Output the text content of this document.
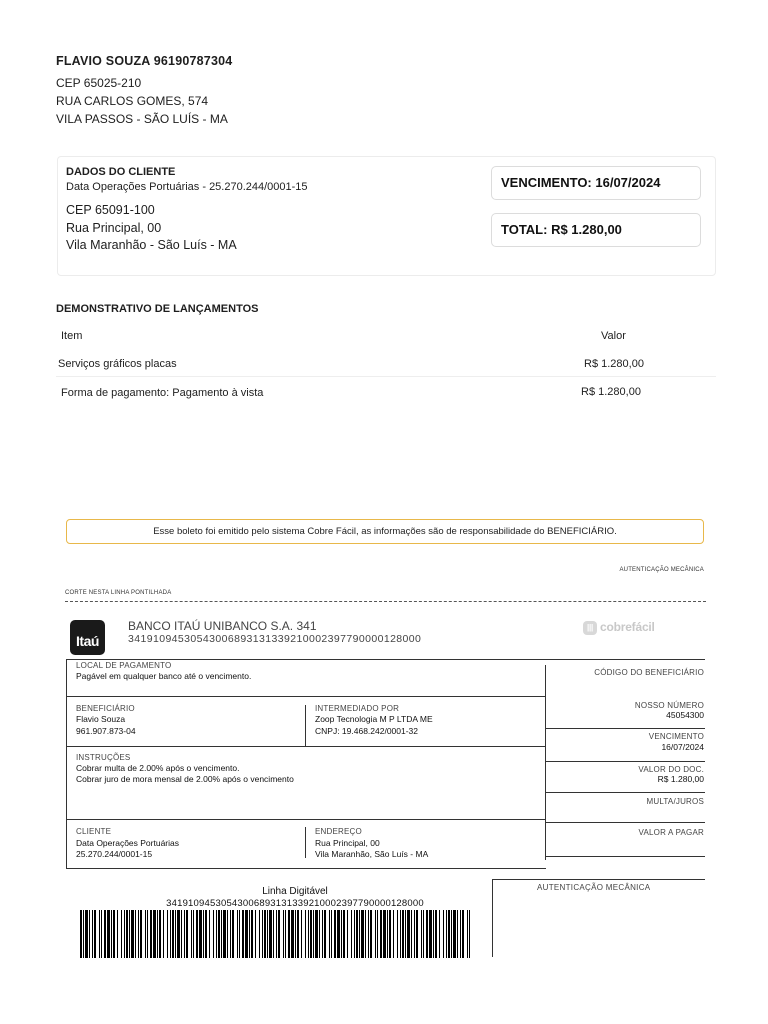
FLAVIO SOUZA 96190787304
CEP 65025-210
RUA CARLOS GOMES, 574
VILA PASSOS - SÃO LUÍS - MA
DADOS DO CLIENTE
Data Operações Portuárias - 25.270.244/0001-15
CEP 65091-100
Rua Principal, 00
Vila Maranhão - São Luís - MA
VENCIMENTO: 16/07/2024
TOTAL: R$ 1.280,00
DEMONSTRATIVO DE LANÇAMENTOS
Item	Valor
Serviços gráficos placas	R$ 1.280,00
Forma de pagamento: Pagamento à vista	R$ 1.280,00
Esse boleto foi emitido pelo sistema Cobre Fácil, as informações são de responsabilidade do BENEFICIÁRIO.
AUTENTICAÇÃO MECÂNICA
CORTE NESTA LINHA PONTILHADA
Itaú
BANCO ITAÚ UNIBANCO S.A. 341
34191094530543006893131339210002397790000128000
||| cobrefácil
LOCAL DE PAGAMENTO
Pagável em qualquer banco até o vencimento.
BENEFICIÁRIO
Flavio Souza
961.907.873-04
INTERMEDIADO POR
Zoop Tecnologia M P LTDA ME
CNPJ: 19.468.242/0001-32
INSTRUÇÕES
Cobrar multa de 2.00% após o vencimento.
Cobrar juro de mora mensal de 2.00% após o vencimento
CLIENTE
Data Operações Portuárias
25.270.244/0001-15
ENDEREÇO
Rua Principal, 00
Vila Maranhão, São Luís - MA
CÓDIGO DO BENEFICIÁRIO
NOSSO NÚMERO
45054300
VENCIMENTO
16/07/2024
VALOR DO DOC.
R$ 1.280,00
MULTA/JUROS
VALOR A PAGAR
Linha Digitável
34191094530543006893131339210002397790000128000
AUTENTICAÇÃO MECÂNICA
